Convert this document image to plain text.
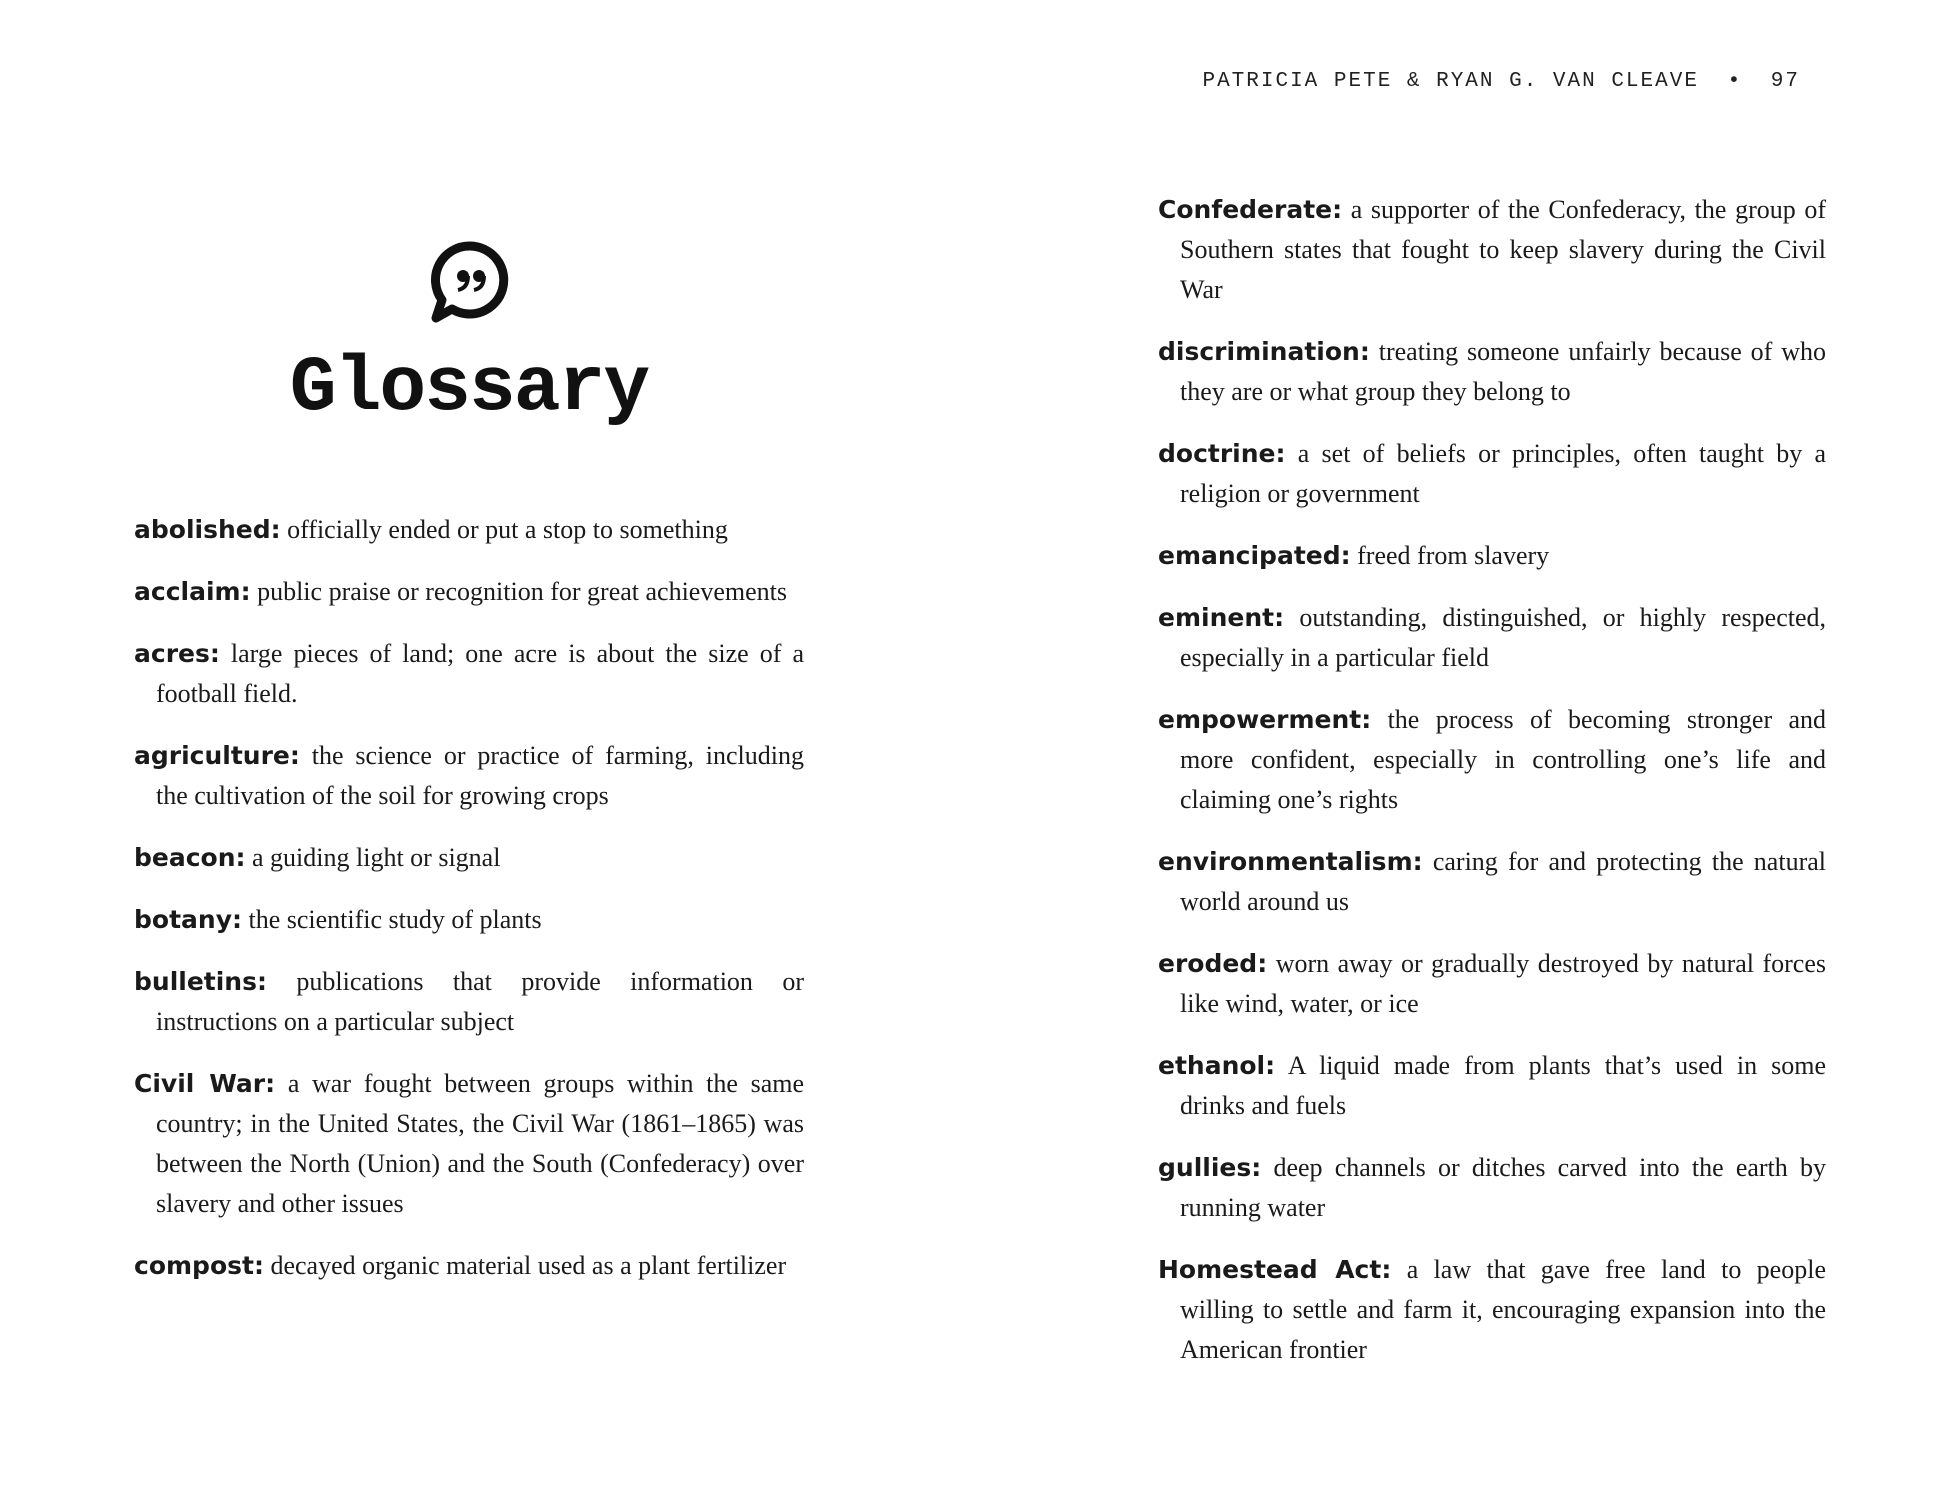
PATRICIA PETE & RYAN G. VAN CLEAVE • 97
Glossary

abolished: officially ended or put a stop to something

acclaim: public praise or recognition for great achievements

acres: large pieces of land; one acre is about the size of a football field.

agriculture: the science or practice of farming, including the cultivation of the soil for growing crops

beacon: a guiding light or signal

botany: the scientific study of plants

bulletins: publications that provide information or instructions on a particular subject

Civil War: a war fought between groups within the same country; in the United States, the Civil War (1861–1865) was between the North (Union) and the South (Confederacy) over slavery and other issues

compost: decayed organic material used as a plant fertilizer

Confederate: a supporter of the Confederacy, the group of Southern states that fought to keep slavery during the Civil War

discrimination: treating someone unfairly because of who they are or what group they belong to

doctrine: a set of beliefs or principles, often taught by a religion or government

emancipated: freed from slavery

eminent: outstanding, distinguished, or highly respected, especially in a particular field

empowerment: the process of becoming stronger and more confident, especially in controlling one’s life and claiming one’s rights

environmentalism: caring for and protecting the natural world around us

eroded: worn away or gradually destroyed by natural forces like wind, water, or ice

ethanol: A liquid made from plants that’s used in some drinks and fuels

gullies: deep channels or ditches carved into the earth by running water

Homestead Act: a law that gave free land to people willing to settle and farm it, encouraging expansion into the American frontier
